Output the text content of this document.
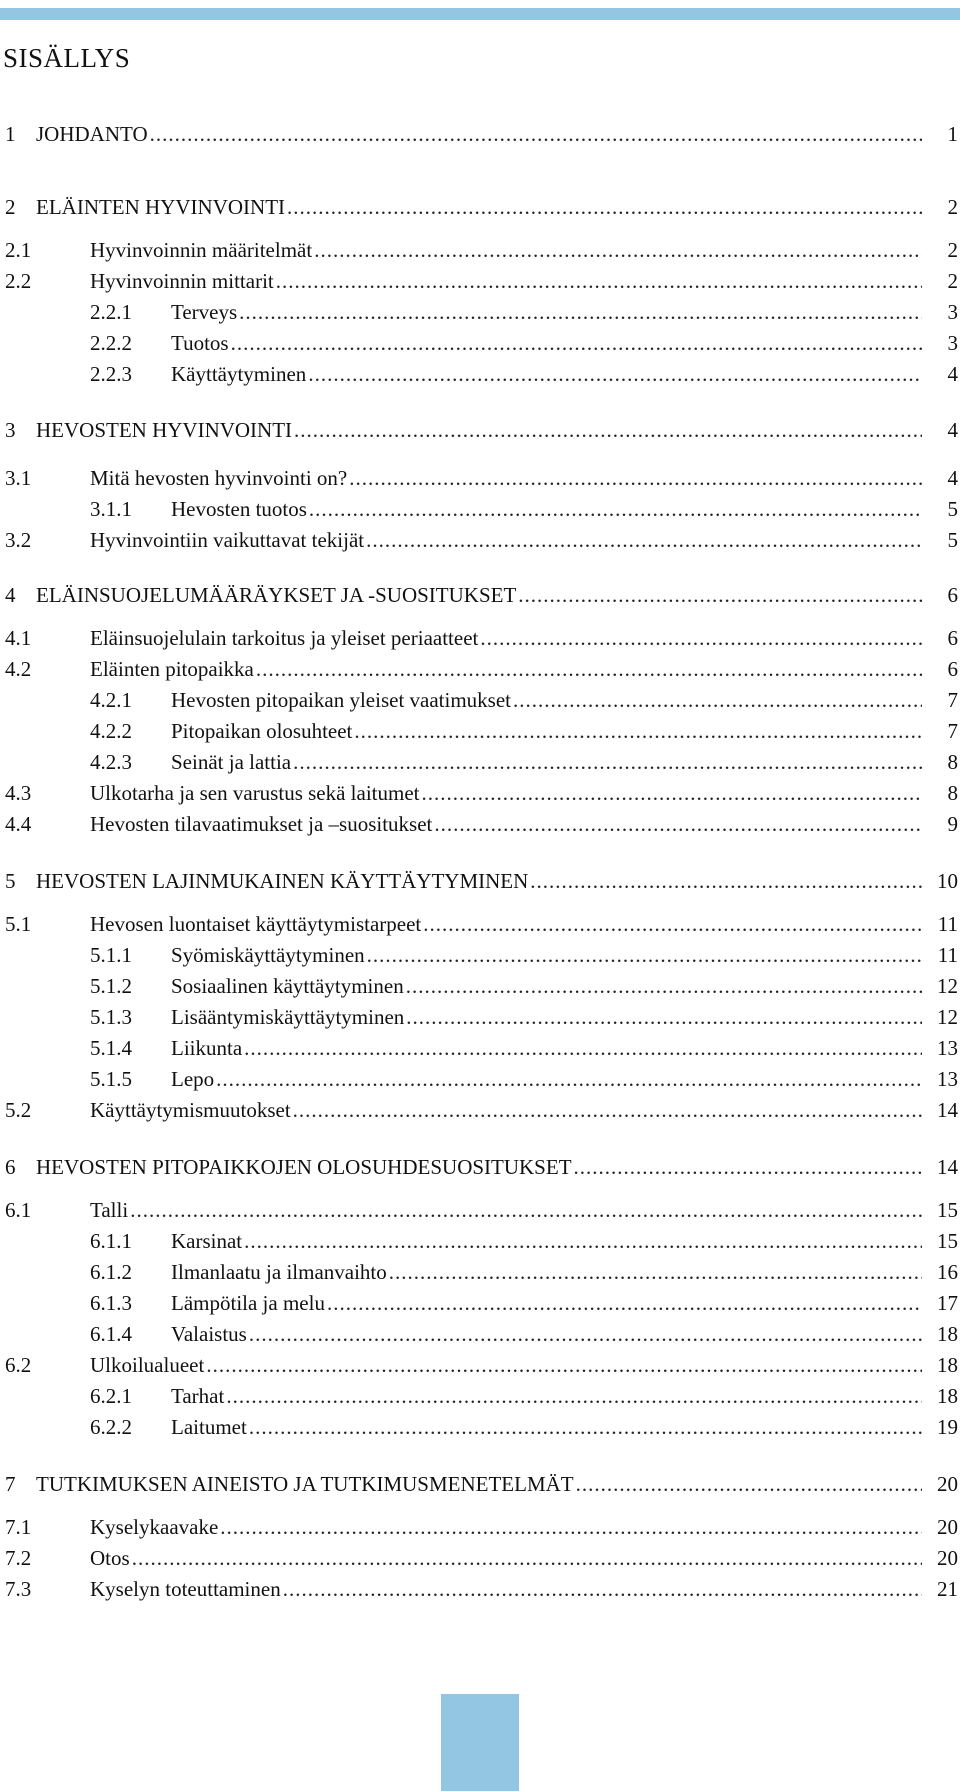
SISÄLLYS
1 JOHDANTO .....	1
2 ELÄINTEN HYVINVOINTI .....	2
2.1	Hyvinvoinnin määritelmät .....	2
2.2	Hyvinvoinnin mittarit .....	2
2.2.1 Terveys .....	3
2.2.2 Tuotos .....	3
2.2.3 Käyttäytyminen .....	4
3 HEVOSTEN HYVINVOINTI .....	4
3.1	Mitä hevosten hyvinvointi on? .....	4
3.1.1 Hevosten tuotos .....	5
3.2	Hyvinvointiin vaikuttavat tekijät .....	5
4 ELÄINSUOJELUMÄÄRÄYKSET JA -SUOSITUKSET .....	6
4.1	Eläinsuojelulain tarkoitus ja yleiset periaatteet .....	6
4.2	Eläinten pitopaikka .....	6
4.2.1 Hevosten pitopaikan yleiset vaatimukset .....	7
4.2.2 Pitopaikan olosuhteet .....	7
4.2.3 Seinät ja lattia .....	8
4.3	Ulkotarha ja sen varustus sekä laitumet .....	8
4.4	Hevosten tilavaatimukset ja –suositukset .....	9
5 HEVOSTEN LAJINMUKAINEN KÄYTTÄYTYMINEN .....	10
5.1	Hevosen luontaiset käyttäytymistarpeet .....	11
5.1.1 Syömiskäyttäytyminen .....	11
5.1.2 Sosiaalinen käyttäytyminen .....	12
5.1.3 Lisääntymiskäyttäytyminen .....	12
5.1.4 Liikunta .....	13
5.1.5 Lepo .....	13
5.2	Käyttäytymismuutokset .....	14
6 HEVOSTEN PITOPAIKKOJEN OLOSUHDESUOSITUKSET .....	14
6.1	Talli .....	15
6.1.1 Karsinat .....	15
6.1.2 Ilmanlaatu ja ilmanvaihto .....	16
6.1.3 Lämpötila ja melu .....	17
6.1.4 Valaistus .....	18
6.2	Ulkoilualueet .....	18
6.2.1 Tarhat .....	18
6.2.2 Laitumet .....	19
7 TUTKIMUKSEN AINEISTO JA TUTKIMUSMENETELMÄT .....	20
7.1	Kyselykaavake .....	20
7.2	Otos .....	20
7.3	Kyselyn toteuttaminen .....	21
